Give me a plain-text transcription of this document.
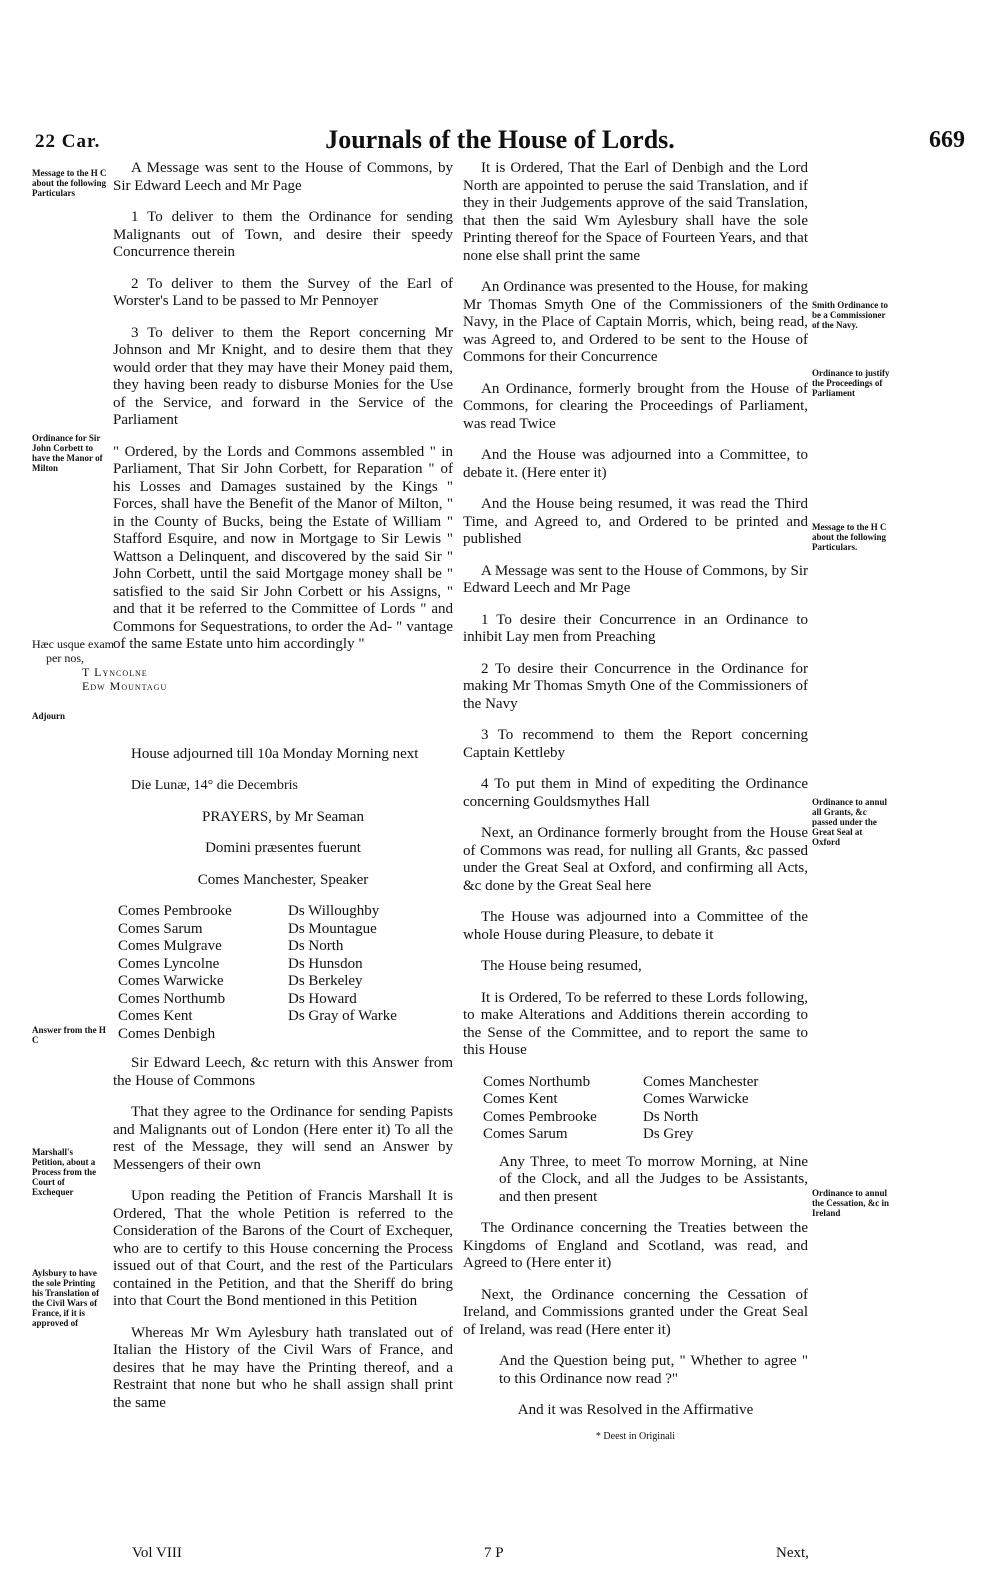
22 Car.	Journals of the House of Lords.	669
Message to the H C about the following Particulars
Ordinance for Sir John Corbett to have the Manor of Milton
Adjourn
Answer from the H C
Marshall's Petition, about a Process from the Court of Exchequer
Aylsbury to have the sole Printing his Translation of the Civil Wars of France, if it is approved of
Smith Ordinance to be a Commissioner of the Navy.
Ordinance to justify the Proceedings of Parliament
Message to the H C about the following Particulars.
Ordinance to annul all Grants, &c passed under the Great Seal at Oxford
Ordinance to annul the Cessation, &c in Ireland

A Message was sent to the House of Commons, by Sir Edward Leech and Mr Page

1 To deliver to them the Ordinance for sending Malignants out of Town, and desire their speedy Concurrence therein

2 To deliver to them the Survey of the Earl of Worster's Land to be passed to Mr Pennoyer

3 To deliver to them the Report concerning Mr Johnson and Mr Knight, and to desire them that they would order that they may have their Money paid them, they having been ready to disburse Monies for the Use of the Service, and forward in the Service of the Parliament

" Ordered, by the Lords and Commons assembled " in Parliament, That Sir John Corbett, for Reparation " of his Losses and Damages sustained by the Kings " Forces, shall have the Benefit of the Manor of Milton, " in the County of Bucks, being the Estate of William " Stafford Esquire, and now in Mortgage to Sir Lewis " Wattson a Delinquent, and discovered by the said Sir " John Corbett, until the said Mortgage money shall be " satisfied to the said Sir John Corbett or his Assigns, " and that it be referred to the Committee of Lords " and Commons for Sequestrations, to order the Ad- " vantage of the same Estate unto him accordingly "

House adjourned till 10a Monday Morning next

Die Lunæ, 14° die Decembris

PRAYERS, by Mr Seaman

Domini præsentes fuerunt

Comes Manchester, Speaker

Comes Pembrooke	Ds Willoughby
Comes Sarum	Ds Mountague
Comes Mulgrave	Ds North
Comes Lyncolne	Ds Hunsdon
Comes Warwicke	Ds Berkeley
Comes Northumb	Ds Howard
Comes Kent	Ds Gray of Warke
Comes Denbigh

Sir Edward Leech, &c return with this Answer from the House of Commons

That they agree to the Ordinance for sending Papists and Malignants out of London (Here enter it) To all the rest of the Message, they will send an Answer by Messengers of their own

Upon reading the Petition of Francis Marshall It is Ordered, That the whole Petition is referred to the Consideration of the Barons of the Court of Exchequer, who are to certify to this House concerning the Process issued out of that Court, and the rest of the Particulars contained in the Petition, and that the Sheriff do bring into that Court the Bond mentioned in this Petition

Whereas Mr Wm Aylesbury hath translated out of Italian the History of the Civil Wars of France, and desires that he may have the Printing thereof, and a Restraint that none but who he shall assign shall print the same

Hæc usque exam
per nos,
T Lyncolne
Edw Mountagu

It is Ordered, That the Earl of Denbigh and the Lord North are appointed to peruse the said Translation, and if they in their Judgements approve of the said Translation, that then the said Wm Aylesbury shall have the sole Printing thereof for the Space of Fourteen Years, and that none else shall print the same

An Ordinance was presented to the House, for making Mr Thomas Smyth One of the Commissioners of the Navy, in the Place of Captain Morris, which, being read, was Agreed to, and Ordered to be sent to the House of Commons for their Concurrence

An Ordinance, formerly brought from the House of Commons, for clearing the Proceedings of Parliament, was read Twice

And the House was adjourned into a Committee, to debate it. (Here enter it)

And the House being resumed, it was read the Third Time, and Agreed to, and Ordered to be printed and published

A Message was sent to the House of Commons, by Sir Edward Leech and Mr Page

1 To desire their Concurrence in an Ordinance to inhibit Lay men from Preaching

2 To desire their Concurrence in the Ordinance for making Mr Thomas Smyth One of the Commissioners of the Navy

3 To recommend to them the Report concerning Captain Kettleby

4 To put them in Mind of expediting the Ordinance concerning Gouldsmythes Hall

Next, an Ordinance formerly brought from the House of Commons was read, for nulling all Grants, &c passed under the Great Seal at Oxford, and confirming all Acts, &c done by the Great Seal here

The House was adjourned into a Committee of the whole House during Pleasure, to debate it

The House being resumed,

It is Ordered, To be referred to these Lords following, to make Alterations and Additions therein according to the Sense of the Committee, and to report the same to this House

Comes Northumb	Comes Manchester
Comes Kent	Comes Warwicke
Comes Pembrooke	Ds North
Comes Sarum	Ds Grey

Any Three, to meet To morrow Morning, at Nine of the Clock, and all the Judges to be Assistants, and then present

The Ordinance concerning the Treaties between the Kingdoms of England and Scotland, was read, and Agreed to (Here enter it)

Next, the Ordinance concerning the Cessation of Ireland, and Commissions granted under the Great Seal of Ireland, was read (Here enter it)

And the Question being put, " Whether to agree " to this Ordinance now read ?"

And it was Resolved in the Affirmative

* Deest in Originali

Vol VIII	7 P	Next,
